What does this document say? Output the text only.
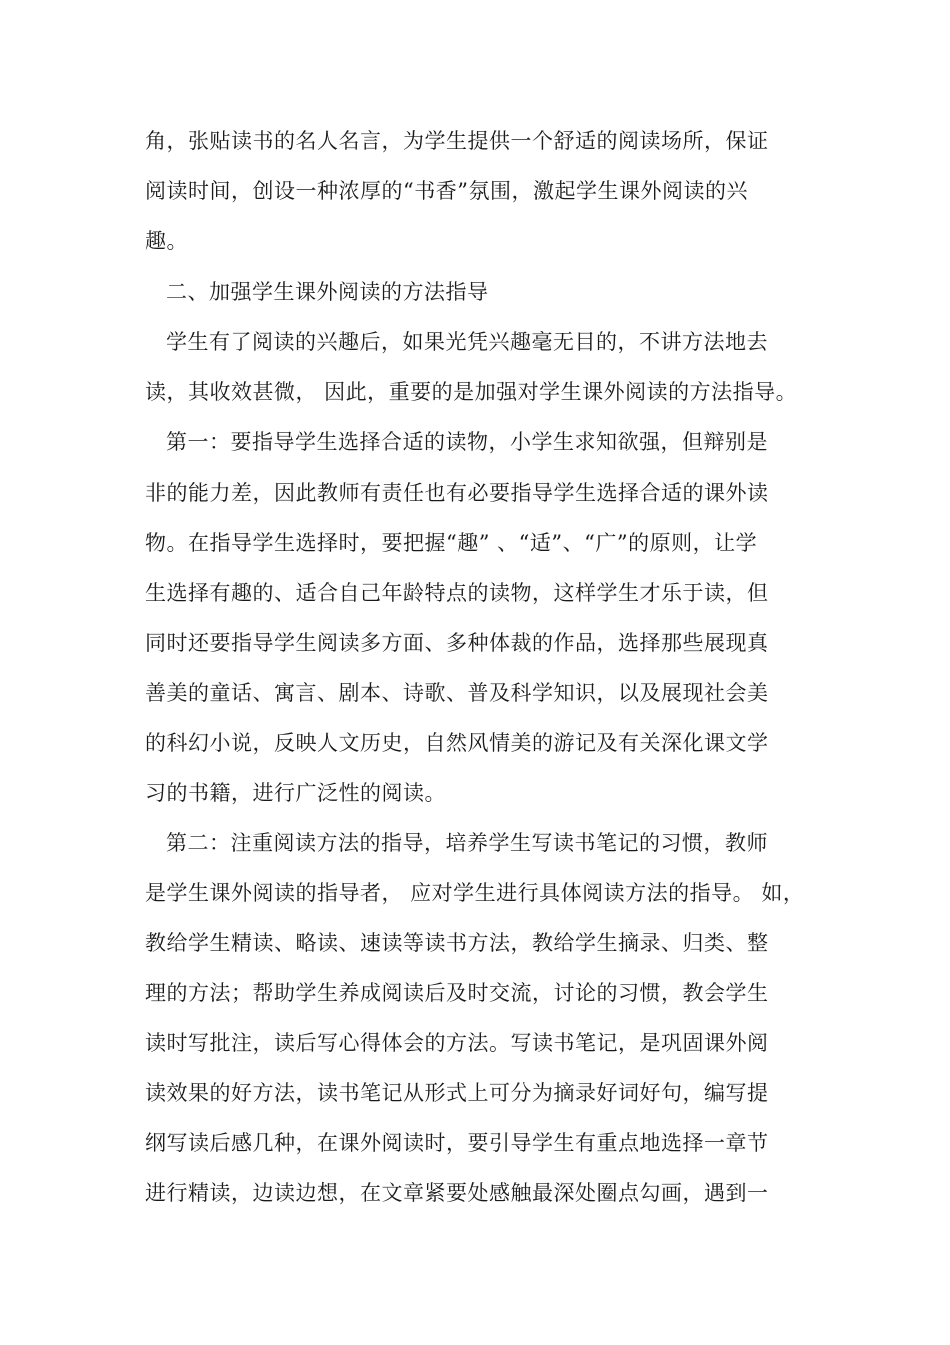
角，张贴读书的名人名言，为学生提供一个舒适的阅读场所，保证
阅读时间，创设一种浓厚的“书香”氛围，激起学生课外阅读的兴
趣。
二、加强学生课外阅读的方法指导
学生有了阅读的兴趣后，如果光凭兴趣毫无目的，不讲方法地去
读，其收效甚微， 因此，重要的是加强对学生课外阅读的方法指导。
第一：要指导学生选择合适的读物，小学生求知欲强，但辩别是
非的能力差，因此教师有责任也有必要指导学生选择合适的课外读
物。在指导学生选择时，要把握“趣” 、“适”、“广”的原则，让学
生选择有趣的、适合自己年龄特点的读物，这样学生才乐于读，但
同时还要指导学生阅读多方面、多种体裁的作品，选择那些展现真
善美的童话、寓言、剧本、诗歌、普及科学知识，以及展现社会美
的科幻小说，反映人文历史，自然风情美的游记及有关深化课文学
习的书籍，进行广泛性的阅读。
第二：注重阅读方法的指导，培养学生写读书笔记的习惯，教师
是学生课外阅读的指导者， 应对学生进行具体阅读方法的指导。 如，
教给学生精读、略读、速读等读书方法，教给学生摘录、归类、整
理的方法；帮助学生养成阅读后及时交流，讨论的习惯，教会学生
读时写批注，读后写心得体会的方法。写读书笔记，是巩固课外阅
读效果的好方法，读书笔记从形式上可分为摘录好词好句，编写提
纲写读后感几种，在课外阅读时，要引导学生有重点地选择一章节
进行精读，边读边想，在文章紧要处感触最深处圈点勾画，遇到一
